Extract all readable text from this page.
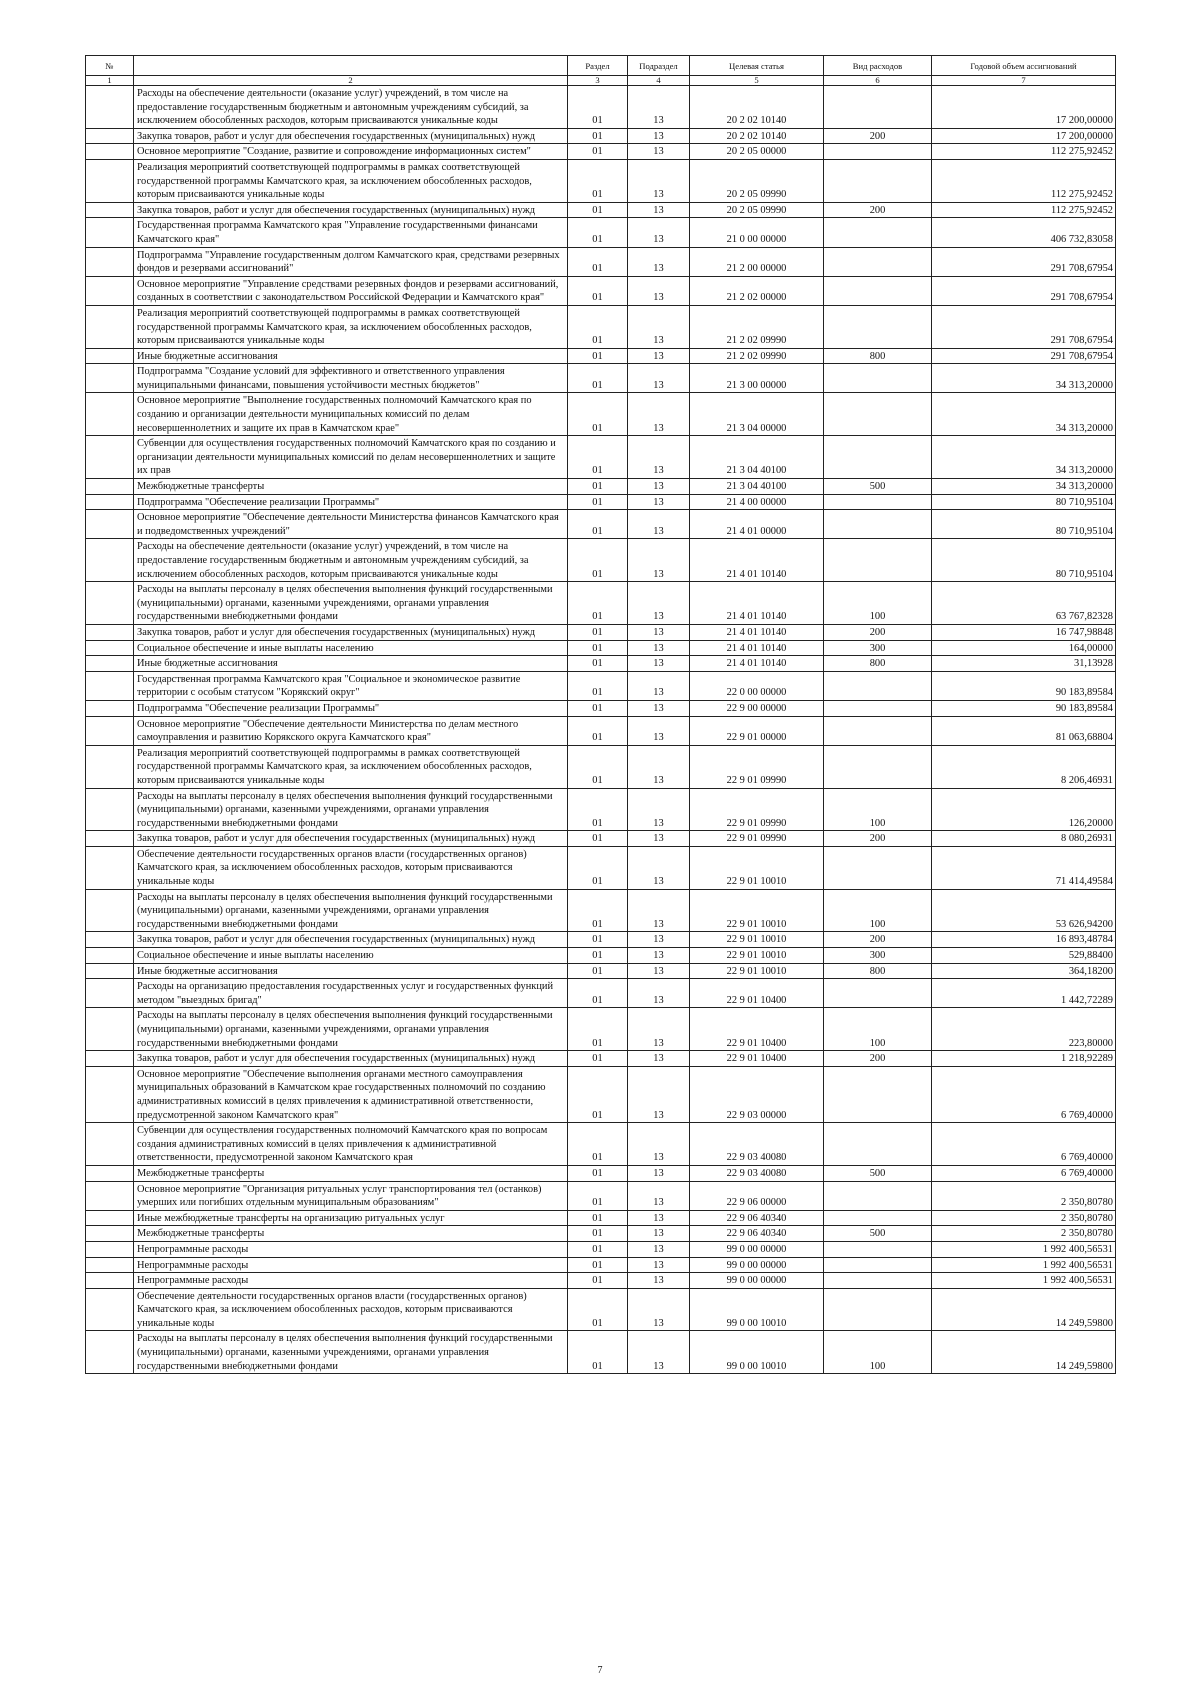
№		Раздел	Подраздел	Целевая статья	Вид расходов	Годовой объем ассигнований
1	2	3	4	5	6	7
	Расходы на обеспечение деятельности (оказание услуг) учреждений, в том числе на предоставление государственным бюджетным и автономным учреждениям субсидий, за исключением обособленных расходов, которым присваиваются уникальные коды	01	13	20 2 02 10140		17 200,00000
	Закупка товаров, работ и услуг для обеспечения государственных (муниципальных) нужд	01	13	20 2 02 10140	200	17 200,00000
	Основное мероприятие "Создание, развитие и сопровождение информационных систем"	01	13	20 2 05 00000		112 275,92452
	Реализация мероприятий соответствующей подпрограммы в рамках соответствующей государственной программы Камчатского края, за исключением обособленных расходов, которым присваиваются уникальные коды	01	13	20 2 05 09990		112 275,92452
	Закупка товаров, работ и услуг для обеспечения государственных (муниципальных) нужд	01	13	20 2 05 09990	200	112 275,92452
	Государственная программа Камчатского края "Управление государственными финансами Камчатского края"	01	13	21 0 00 00000		406 732,83058
	Подпрограмма "Управление государственным долгом Камчатского края, средствами резервных фондов и резервами ассигнований"	01	13	21 2 00 00000		291 708,67954
	Основное мероприятие "Управление средствами резервных фондов и резервами ассигнований, созданных в соответствии с законодательством Российской Федерации и Камчатского края"	01	13	21 2 02 00000		291 708,67954
	Реализация мероприятий соответствующей подпрограммы в рамках соответствующей государственной программы Камчатского края, за исключением обособленных расходов, которым присваиваются уникальные коды	01	13	21 2 02 09990		291 708,67954
	Иные бюджетные ассигнования	01	13	21 2 02 09990	800	291 708,67954
	Подпрограмма "Создание условий для эффективного и ответственного управления муниципальными финансами, повышения устойчивости местных бюджетов"	01	13	21 3 00 00000		34 313,20000
	Основное мероприятие "Выполнение государственных полномочий Камчатского края по созданию и организации деятельности муниципальных комиссий по делам несовершеннолетних и защите их прав в Камчатском крае"	01	13	21 3 04 00000		34 313,20000
	Субвенции для осуществления государственных полномочий Камчатского края по созданию и организации деятельности муниципальных комиссий по делам несовершеннолетних и защите их прав	01	13	21 3 04 40100		34 313,20000
	Межбюджетные трансферты	01	13	21 3 04 40100	500	34 313,20000
	Подпрограмма "Обеспечение реализации Программы"	01	13	21 4 00 00000		80 710,95104
	Основное мероприятие "Обеспечение деятельности Министерства финансов Камчатского края и подведомственных учреждений"	01	13	21 4 01 00000		80 710,95104
	Расходы на обеспечение деятельности (оказание услуг) учреждений, в том числе на предоставление государственным бюджетным и автономным учреждениям субсидий, за исключением обособленных расходов, которым присваиваются уникальные коды	01	13	21 4 01 10140		80 710,95104
	Расходы на выплаты персоналу в целях обеспечения выполнения функций государственными (муниципальными) органами, казенными учреждениями, органами управления государственными внебюджетными фондами	01	13	21 4 01 10140	100	63 767,82328
	Закупка товаров, работ и услуг для обеспечения государственных (муниципальных) нужд	01	13	21 4 01 10140	200	16 747,98848
	Социальное обеспечение и иные выплаты населению	01	13	21 4 01 10140	300	164,00000
	Иные бюджетные ассигнования	01	13	21 4 01 10140	800	31,13928
	Государственная программа Камчатского края "Социальное и экономическое развитие территории с особым статусом "Корякский округ"	01	13	22 0 00 00000		90 183,89584
	Подпрограмма "Обеспечение реализации Программы"	01	13	22 9 00 00000		90 183,89584
	Основное мероприятие "Обеспечение деятельности Министерства по делам местного самоуправления и развитию Корякского округа Камчатского края"	01	13	22 9 01 00000		81 063,68804
	Реализация мероприятий соответствующей подпрограммы в рамках соответствующей государственной программы Камчатского края, за исключением обособленных расходов, которым присваиваются уникальные коды	01	13	22 9 01 09990		8 206,46931
	Расходы на выплаты персоналу в целях обеспечения выполнения функций государственными (муниципальными) органами, казенными учреждениями, органами управления государственными внебюджетными фондами	01	13	22 9 01 09990	100	126,20000
	Закупка товаров, работ и услуг для обеспечения государственных (муниципальных) нужд	01	13	22 9 01 09990	200	8 080,26931
	Обеспечение деятельности государственных органов власти (государственных органов) Камчатского края, за исключением обособленных расходов, которым присваиваются уникальные коды	01	13	22 9 01 10010		71 414,49584
	Расходы на выплаты персоналу в целях обеспечения выполнения функций государственными (муниципальными) органами, казенными учреждениями, органами управления государственными внебюджетными фондами	01	13	22 9 01 10010	100	53 626,94200
	Закупка товаров, работ и услуг для обеспечения государственных (муниципальных) нужд	01	13	22 9 01 10010	200	16 893,48784
	Социальное обеспечение и иные выплаты населению	01	13	22 9 01 10010	300	529,88400
	Иные бюджетные ассигнования	01	13	22 9 01 10010	800	364,18200
	Расходы на организацию предоставления государственных услуг и государственных функций методом "выездных бригад"	01	13	22 9 01 10400		1 442,72289
	Расходы на выплаты персоналу в целях обеспечения выполнения функций государственными (муниципальными) органами, казенными учреждениями, органами управления государственными внебюджетными фондами	01	13	22 9 01 10400	100	223,80000
	Закупка товаров, работ и услуг для обеспечения государственных (муниципальных) нужд	01	13	22 9 01 10400	200	1 218,92289
	Основное мероприятие "Обеспечение выполнения органами местного самоуправления муниципальных образований в Камчатском крае государственных полномочий по созданию административных комиссий в целях привлечения к административной ответственности, предусмотренной законом Камчатского края"	01	13	22 9 03 00000		6 769,40000
	Субвенции для осуществления государственных полномочий Камчатского края по вопросам создания административных комиссий в целях привлечения к административной ответственности, предусмотренной законом Камчатского края	01	13	22 9 03 40080		6 769,40000
	Межбюджетные трансферты	01	13	22 9 03 40080	500	6 769,40000
	Основное мероприятие "Организация ритуальных услуг транспортирования тел (останков) умерших или погибших отдельным муниципальным образованиям"	01	13	22 9 06 00000		2 350,80780
	Иные межбюджетные трансферты на организацию ритуальных услуг	01	13	22 9 06 40340		2 350,80780
	Межбюджетные трансферты	01	13	22 9 06 40340	500	2 350,80780
	Непрограммные расходы	01	13	99 0 00 00000		1 992 400,56531
	Непрограммные расходы	01	13	99 0 00 00000		1 992 400,56531
	Непрограммные расходы	01	13	99 0 00 00000		1 992 400,56531
	Обеспечение деятельности государственных органов власти (государственных органов) Камчатского края, за исключением обособленных расходов, которым присваиваются уникальные коды	01	13	99 0 00 10010		14 249,59800
	Расходы на выплаты персоналу в целях обеспечения выполнения функций государственными (муниципальными) органами, казенными учреждениями, органами управления государственными внебюджетными фондами	01	13	99 0 00 10010	100	14 249,59800
7
